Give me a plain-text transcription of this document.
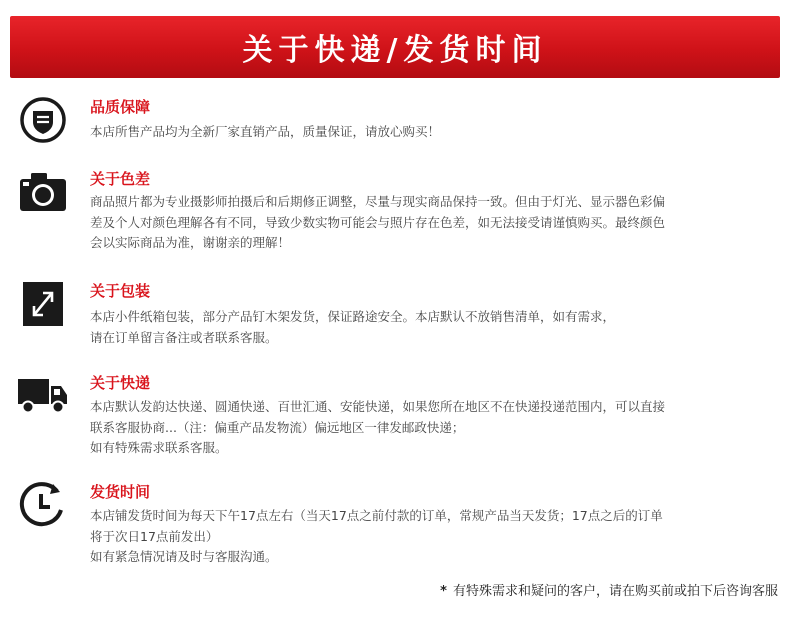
关于快递/发货时间
品质保障
本店所售产品均为全新厂家直销产品，质量保证，请放心购买！
关于色差
商品照片都为专业摄影师拍摄后和后期修正调整，尽量与现实商品保持一致。但由于灯光、显示器色彩偏
差及个人对颜色理解各有不同，导致少数实物可能会与照片存在色差，如无法接受请谨慎购买。最终颜色
会以实际商品为准，谢谢亲的理解！
关于包装
本店小件纸箱包装，部分产品钉木架发货，保证路途安全。本店默认不放销售清单，如有需求，
请在订单留言备注或者联系客服。
关于快递
本店默认发韵达快递、圆通快递、百世汇通、安能快递，如果您所在地区不在快递投递范围内，可以直接
联系客服协商...（注：偏重产品发物流）偏远地区一律发邮政快递；
如有特殊需求联系客服。
发货时间
本店铺发货时间为每天下午17点左右（当天17点之前付款的订单，常规产品当天发货；17点之后的订单
将于次日17点前发出）
如有紧急情况请及时与客服沟通。
* 有特殊需求和疑问的客户，请在购买前或拍下后咨询客服
